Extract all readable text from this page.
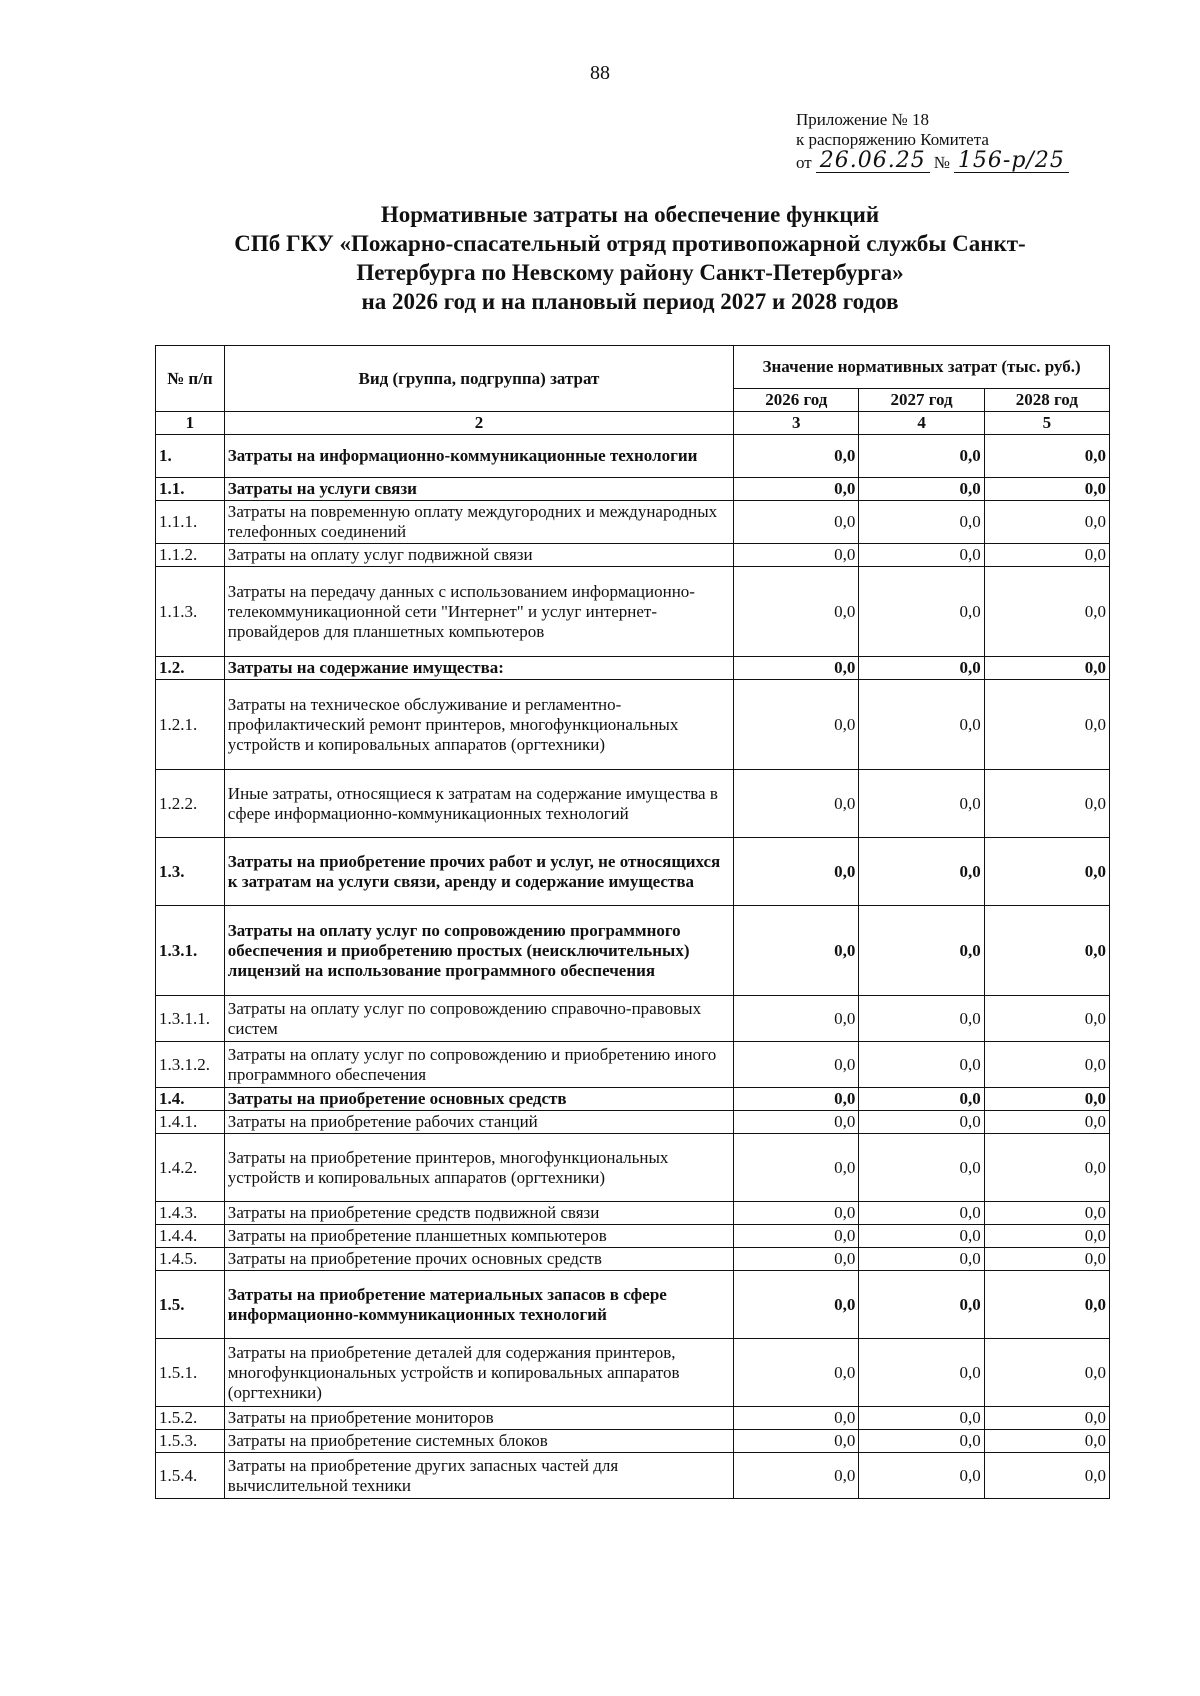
88
Приложение № 18
к распоряжению Комитета
от 26.06.25 № 156-р/25
Нормативные затраты на обеспечение функций
СПб ГКУ «Пожарно-спасательный отряд противопожарной службы Санкт-
Петербурга по Невскому району Санкт-Петербурга»
на 2026 год и на плановый период 2027 и 2028 годов
№ п/п	Вид (группа, подгруппа) затрат	Значение нормативных затрат (тыс. руб.)		
		2026 год	2027 год	2028 год
1	2	3	4	5
1.	Затраты на информационно-коммуникационные технологии	0,0	0,0	0,0
1.1.	Затраты на услуги связи	0,0	0,0	0,0
1.1.1.	Затраты на повременную оплату междугородних и международных телефонных соединений	0,0	0,0	0,0
1.1.2.	Затраты на оплату услуг подвижной связи	0,0	0,0	0,0
1.1.3.	Затраты на передачу данных с использованием информационно-телекоммуникационной сети "Интернет" и услуг интернет-провайдеров для планшетных компьютеров	0,0	0,0	0,0
1.2.	Затраты на содержание имущества:	0,0	0,0	0,0
1.2.1.	Затраты на техническое обслуживание и регламентно-профилактический ремонт принтеров, многофункциональных устройств и копировальных аппаратов (оргтехники)	0,0	0,0	0,0
1.2.2.	Иные затраты, относящиеся к затратам на содержание имущества в сфере информационно-коммуникационных технологий	0,0	0,0	0,0
1.3.	Затраты на приобретение прочих работ и услуг, не относящихся к затратам на услуги связи, аренду и содержание имущества	0,0	0,0	0,0
1.3.1.	Затраты на оплату услуг по сопровождению программного обеспечения и приобретению простых (неисключительных) лицензий на использование программного обеспечения	0,0	0,0	0,0
1.3.1.1.	Затраты на оплату услуг по сопровождению справочно-правовых систем	0,0	0,0	0,0
1.3.1.2.	Затраты на оплату услуг по сопровождению и приобретению иного программного обеспечения	0,0	0,0	0,0
1.4.	Затраты на приобретение основных средств	0,0	0,0	0,0
1.4.1.	Затраты на приобретение рабочих станций	0,0	0,0	0,0
1.4.2.	Затраты на приобретение принтеров, многофункциональных устройств и копировальных аппаратов (оргтехники)	0,0	0,0	0,0
1.4.3.	Затраты на приобретение средств подвижной связи	0,0	0,0	0,0
1.4.4.	Затраты на приобретение планшетных компьютеров	0,0	0,0	0,0
1.4.5.	Затраты на приобретение прочих основных средств	0,0	0,0	0,0
1.5.	Затраты на приобретение материальных запасов в сфере информационно-коммуникационных технологий	0,0	0,0	0,0
1.5.1.	Затраты на приобретение деталей для содержания принтеров, многофункциональных устройств и копировальных аппаратов (оргтехники)	0,0	0,0	0,0
1.5.2.	Затраты на приобретение мониторов	0,0	0,0	0,0
1.5.3.	Затраты на приобретение системных блоков	0,0	0,0	0,0
1.5.4.	Затраты на приобретение других запасных частей для вычислительной техники	0,0	0,0	0,0
